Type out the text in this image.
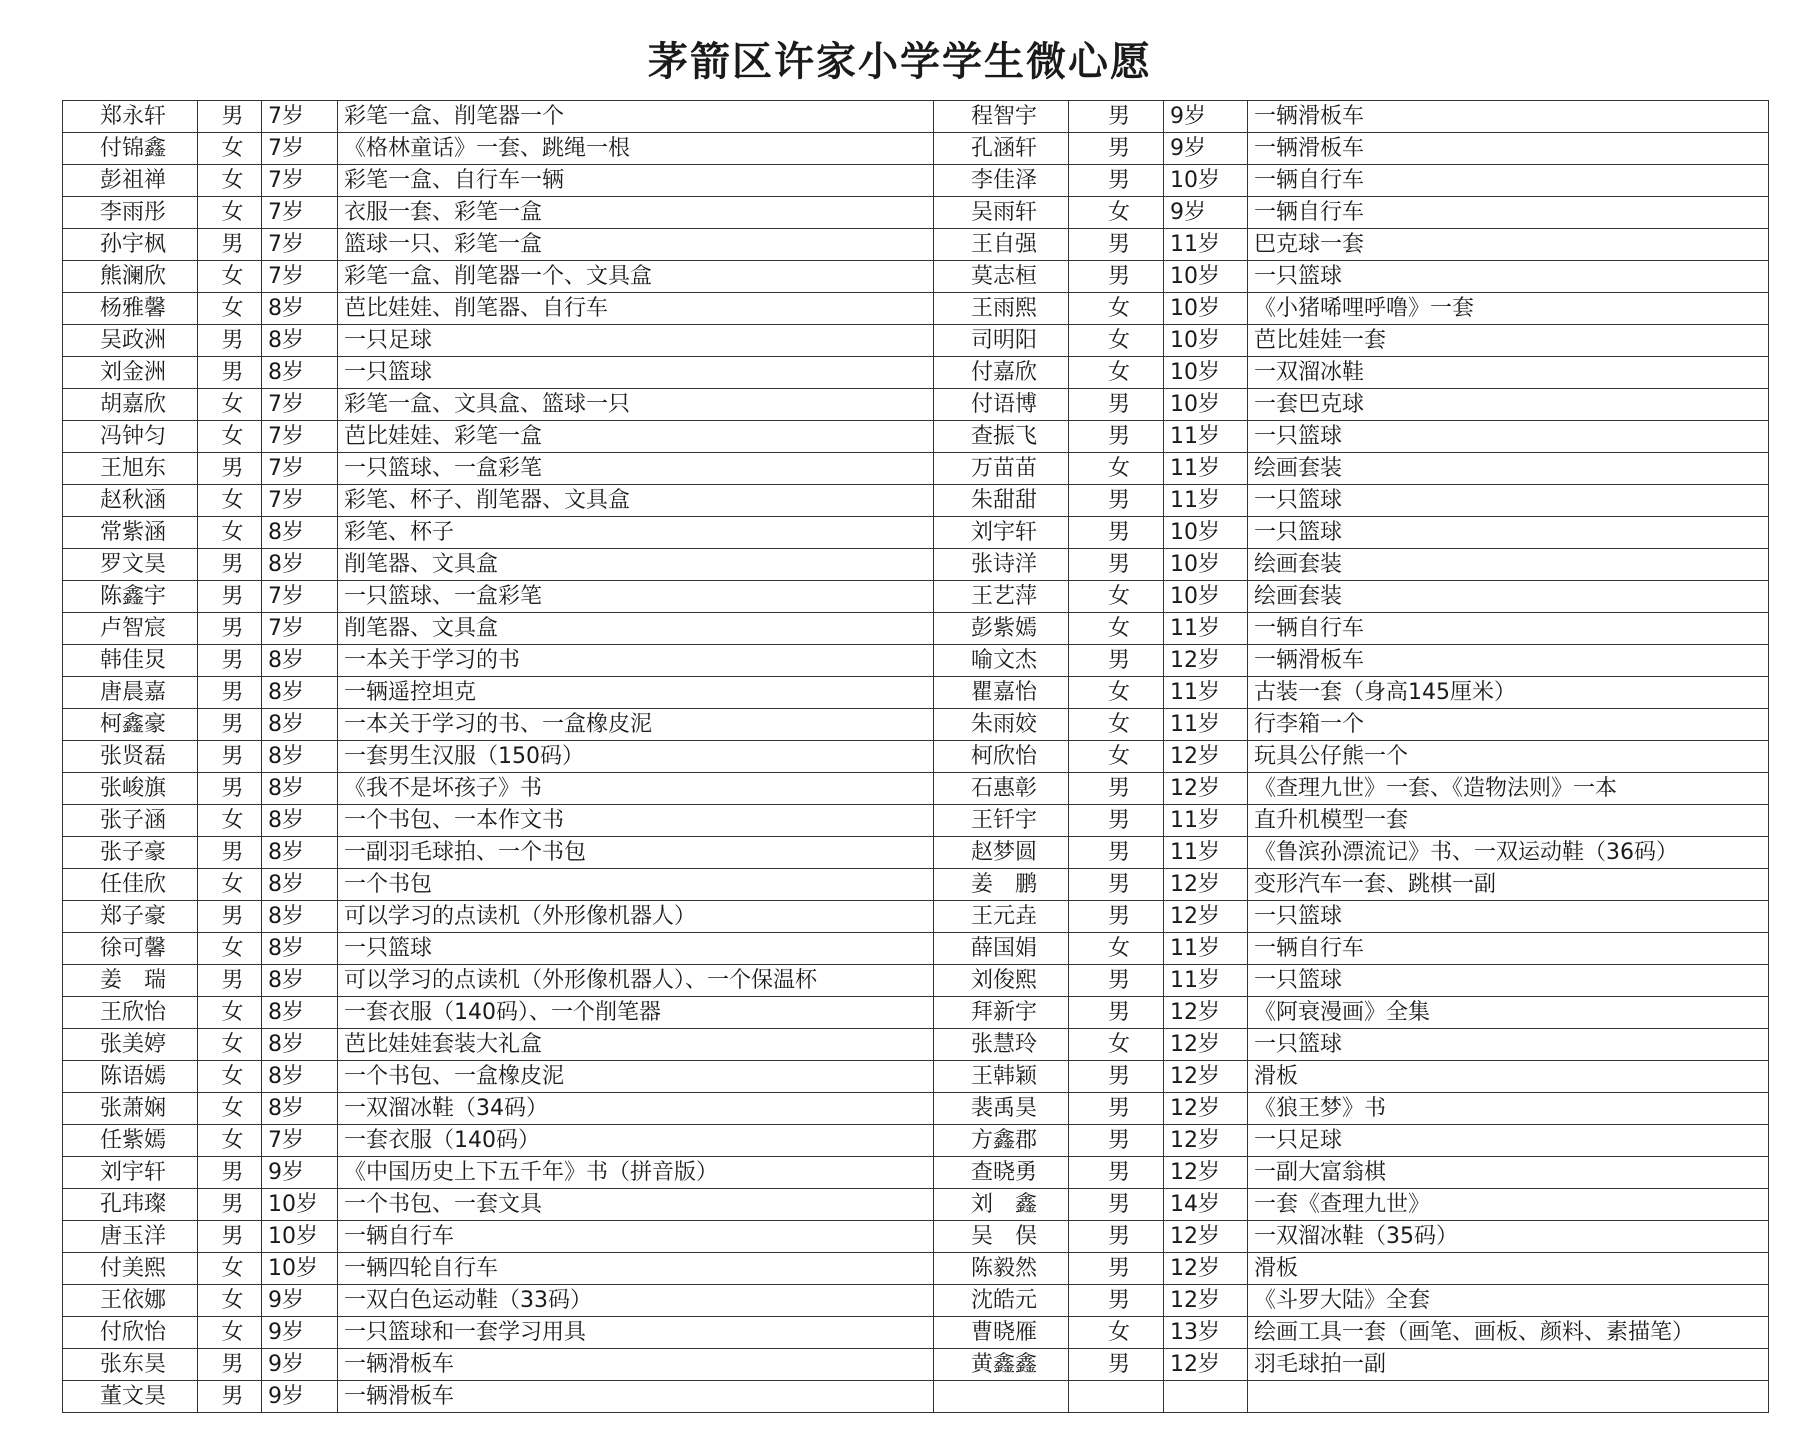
茅箭区许家小学学生微心愿
郑永轩	男	7岁	彩笔一盒、削笔器一个	程智宇	男	9岁	一辆滑板车
付锦鑫	女	7岁	《格林童话》一套、跳绳一根	孔涵轩	男	9岁	一辆滑板车
彭祖禅	女	7岁	彩笔一盒、自行车一辆	李佳泽	男	10岁	一辆自行车
李雨彤	女	7岁	衣服一套、彩笔一盒	吴雨轩	女	9岁	一辆自行车
孙宇枫	男	7岁	篮球一只、彩笔一盒	王自强	男	11岁	巴克球一套
熊澜欣	女	7岁	彩笔一盒、削笔器一个、文具盒	莫志桓	男	10岁	一只篮球
杨雅馨	女	8岁	芭比娃娃、削笔器、自行车	王雨熙	女	10岁	《小猪唏哩呼噜》一套
吴政洲	男	8岁	一只足球	司明阳	女	10岁	芭比娃娃一套
刘金洲	男	8岁	一只篮球	付嘉欣	女	10岁	一双溜冰鞋
胡嘉欣	女	7岁	彩笔一盒、文具盒、篮球一只	付语博	男	10岁	一套巴克球
冯钟匀	女	7岁	芭比娃娃、彩笔一盒	查振飞	男	11岁	一只篮球
王旭东	男	7岁	一只篮球、一盒彩笔	万苗苗	女	11岁	绘画套装
赵秋涵	女	7岁	彩笔、杯子、削笔器、文具盒	朱甜甜	男	11岁	一只篮球
常紫涵	女	8岁	彩笔、杯子	刘宇轩	男	10岁	一只篮球
罗文昊	男	8岁	削笔器、文具盒	张诗洋	男	10岁	绘画套装
陈鑫宇	男	7岁	一只篮球、一盒彩笔	王艺萍	女	10岁	绘画套装
卢智宸	男	7岁	削笔器、文具盒	彭紫嫣	女	11岁	一辆自行车
韩佳炅	男	8岁	一本关于学习的书	喻文杰	男	12岁	一辆滑板车
唐晨嘉	男	8岁	一辆遥控坦克	瞿嘉怡	女	11岁	古装一套（身高145厘米）
柯鑫豪	男	8岁	一本关于学习的书、一盒橡皮泥	朱雨姣	女	11岁	行李箱一个
张贤磊	男	8岁	一套男生汉服（150码）	柯欣怡	女	12岁	玩具公仔熊一个
张峻旗	男	8岁	《我不是坏孩子》书	石惠彰	男	12岁	《查理九世》一套、《造物法则》一本
张子涵	女	8岁	一个书包、一本作文书	王钎宇	男	11岁	直升机模型一套
张子豪	男	8岁	一副羽毛球拍、一个书包	赵梦圆	男	11岁	《鲁滨孙漂流记》书、一双运动鞋（36码）
任佳欣	女	8岁	一个书包	姜　鹏	男	12岁	变形汽车一套、跳棋一副
郑子豪	男	8岁	可以学习的点读机（外形像机器人）	王元垚	男	12岁	一只篮球
徐可馨	女	8岁	一只篮球	薛国娟	女	11岁	一辆自行车
姜　瑞	男	8岁	可以学习的点读机（外形像机器人）、一个保温杯	刘俊熙	男	11岁	一只篮球
王欣怡	女	8岁	一套衣服（140码）、一个削笔器	拜新宇	男	12岁	《阿衰漫画》全集
张美婷	女	8岁	芭比娃娃套装大礼盒	张慧玲	女	12岁	一只篮球
陈语嫣	女	8岁	一个书包、一盒橡皮泥	王韩颖	男	12岁	滑板
张萧娴	女	8岁	一双溜冰鞋（34码）	裴禹昊	男	12岁	《狼王梦》书
任紫嫣	女	7岁	一套衣服（140码）	方鑫郡	男	12岁	一只足球
刘宇轩	男	9岁	《中国历史上下五千年》书（拼音版）	查晓勇	男	12岁	一副大富翁棋
孔玮璨	男	10岁	一个书包、一套文具	刘　鑫	男	14岁	一套《查理九世》
唐玉洋	男	10岁	一辆自行车	吴　俣	男	12岁	一双溜冰鞋（35码）
付美熙	女	10岁	一辆四轮自行车	陈毅然	男	12岁	滑板
王依娜	女	9岁	一双白色运动鞋（33码）	沈皓元	男	12岁	《斗罗大陆》全套
付欣怡	女	9岁	一只篮球和一套学习用具	曹晓雁	女	13岁	绘画工具一套（画笔、画板、颜料、素描笔）
张东昊	男	9岁	一辆滑板车	黄鑫鑫	男	12岁	羽毛球拍一副
董文昊	男	9岁	一辆滑板车				
